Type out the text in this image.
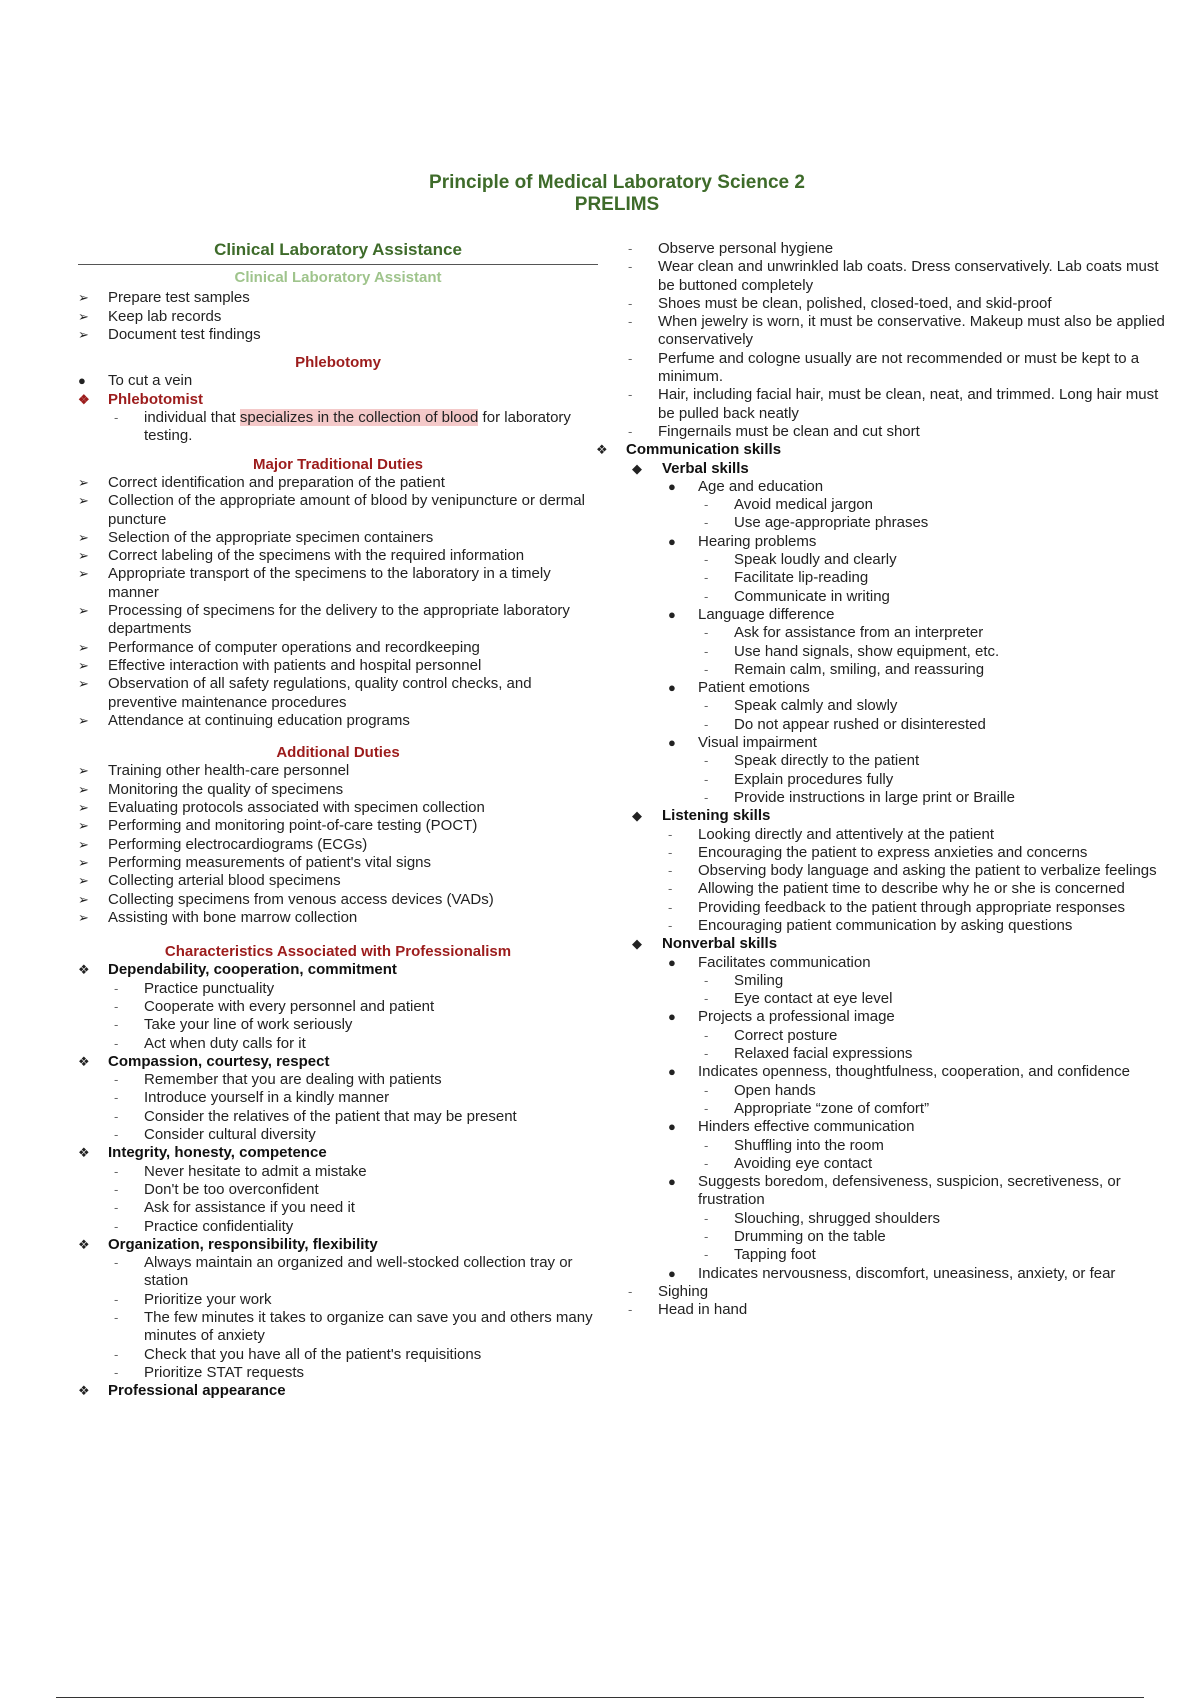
Principle of Medical Laboratory Science 2
PRELIMS
Clinical Laboratory Assistance
Clinical Laboratory Assistant
➢	Prepare test samples
➢	Keep lab records
➢	Document test findings
Phlebotomy
●	To cut a vein
❖	Phlebotomist
-	individual that specializes in the collection of blood for laboratory testing.
Major Traditional Duties
➢	Correct identification and preparation of the patient
➢	Collection of the appropriate amount of blood by venipuncture or dermal puncture
➢	Selection of the appropriate specimen containers
➢	Correct labeling of the specimens with the required information
➢	Appropriate transport of the specimens to the laboratory in a timely manner
➢	Processing of specimens for the delivery to the appropriate laboratory departments
➢	Performance of computer operations and recordkeeping
➢	Effective interaction with patients and hospital personnel
➢	Observation of all safety regulations, quality control checks, and preventive maintenance procedures
➢	Attendance at continuing education programs
Additional Duties
➢	Training other health-care personnel
➢	Monitoring the quality of specimens
➢	Evaluating protocols associated with specimen collection
➢	Performing and monitoring point-of-care testing (POCT)
➢	Performing electrocardiograms (ECGs)
➢	Performing measurements of patient's vital signs
➢	Collecting arterial blood specimens
➢	Collecting specimens from venous access devices (VADs)
➢	Assisting with bone marrow collection
Characteristics Associated with Professionalism
❖	Dependability, cooperation, commitment
-	Practice punctuality
-	Cooperate with every personnel and patient
-	Take your line of work seriously
-	Act when duty calls for it
❖	Compassion, courtesy, respect
-	Remember that you are dealing with patients
-	Introduce yourself in a kindly manner
-	Consider the relatives of the patient that may be present
-	Consider cultural diversity
❖	Integrity, honesty, competence
-	Never hesitate to admit a mistake
-	Don't be too overconfident
-	Ask for assistance if you need it
-	Practice confidentiality
❖	Organization, responsibility, flexibility
-	Always maintain an organized and well-stocked collection tray or station
-	Prioritize your work
-	The few minutes it takes to organize can save you and others many minutes of anxiety
-	Check that you have all of the patient's requisitions
-	Prioritize STAT requests
❖	Professional appearance
-	Observe personal hygiene
-	Wear clean and unwrinkled lab coats. Dress conservatively. Lab coats must be buttoned completely
-	Shoes must be clean, polished, closed-toed, and skid-proof
-	When jewelry is worn, it must be conservative. Makeup must also be applied conservatively
-	Perfume and cologne usually are not recommended or must be kept to a minimum.
-	Hair, including facial hair, must be clean, neat, and trimmed. Long hair must be pulled back neatly
-	Fingernails must be clean and cut short
❖	Communication skills
◆	Verbal skills
●	Age and education
-	Avoid medical jargon
-	Use age-appropriate phrases
●	Hearing problems
-	Speak loudly and clearly
-	Facilitate lip-reading
-	Communicate in writing
●	Language difference
-	Ask for assistance from an interpreter
-	Use hand signals, show equipment, etc.
-	Remain calm, smiling, and reassuring
●	Patient emotions
-	Speak calmly and slowly
-	Do not appear rushed or disinterested
●	Visual impairment
-	Speak directly to the patient
-	Explain procedures fully
-	Provide instructions in large print or Braille
◆	Listening skills
-	Looking directly and attentively at the patient
-	Encouraging the patient to express anxieties and concerns
-	Observing body language and asking the patient to verbalize feelings
-	Allowing the patient time to describe why he or she is concerned
-	Providing feedback to the patient through appropriate responses
-	Encouraging patient communication by asking questions
◆	Nonverbal skills
●	Facilitates communication
-	Smiling
-	Eye contact at eye level
●	Projects a professional image
-	Correct posture
-	Relaxed facial expressions
●	Indicates openness, thoughtfulness, cooperation, and confidence
-	Open hands
-	Appropriate “zone of comfort”
●	Hinders effective communication
-	Shuffling into the room
-	Avoiding eye contact
●	Suggests boredom, defensiveness, suspicion, secretiveness, or frustration
-	Slouching, shrugged shoulders
-	Drumming on the table
-	Tapping foot
●	Indicates nervousness, discomfort, uneasiness, anxiety, or fear
-	Sighing
-	Head in hand
